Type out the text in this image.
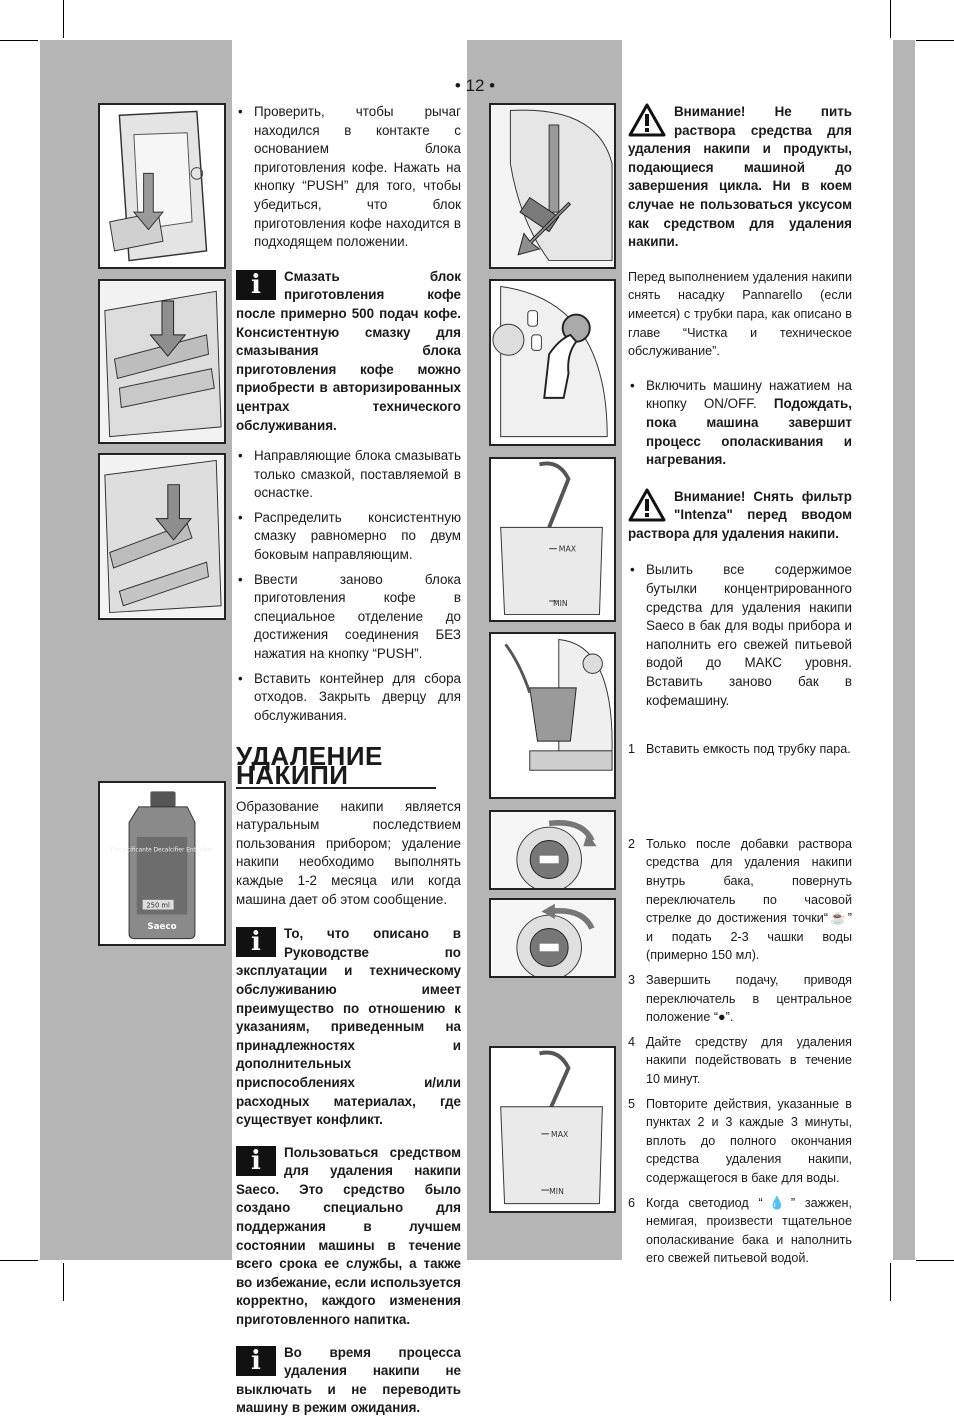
• 12 •
Decalcificante Decalcifier Entkalker
250 ml
Saeco

• Проверить, чтобы рычаг находился в контакте с основанием блока приготовления кофе. Нажать на кнопку “PUSH” для того, чтобы убедиться, что блок приготовления кофе находится в подходящем положении.

i	Смазать блок приготовления кофе после примерно 500 подач кофе. Консистентную смазку для смазывания блока приготовления кофе можно приобрести в авторизированных центрах технического обслуживания.

• Направляющие блока смазывать только смазкой, поставляемой в оснастке.

• Распределить консистентную смазку равномерно по двум боковым направляющим.

• Ввести заново блока приготовления кофе в специальное отделение до достижения соединения БЕЗ нажатия на кнопку “PUSH”.

• Вставить контейнер для сбора отходов. Закрыть дверцу для обслуживания.

УДАЛЕНИЕ НАКИПИ

Образование накипи является натуральным последствием пользования прибором; удаление накипи необходимо выполнять каждые 1-2 месяца или когда машина дает об этом сообщение.

i	То, что описано в Руководстве по эксплуатации и техническому обслуживанию имеет преимущество по отношению к указаниям, приведенным на принадлежностях и дополнительных приспособлениях и/или расходных материалах, где существует конфликт.
i	Пользоваться средством для удаления накипи Saeco. Это средство было создано специально для поддержания в лучшем состоянии машины в течение всего срока ее службы, а также во избежание, если используется корректно, каждого изменения приготовленного напитка.
i	Во время процесса удаления накипи не выключать и не переводить машину в режим ожидания.
MAX
MIN
MAX
MIN
Внимание! Не пить раствора средства для удаления накипи и продукты, подающиеся машиной до завершения цикла. Ни в коем случае не пользоваться уксусом как средством для удаления накипи.

Перед выполнением удаления накипи снять насадку Pannarello (если имеется) с трубки пара, как описано в главе “Чистка и техническое обслуживание”.

• Включить машину нажатием на кнопку ON/OFF. Подождать, пока машина завершит процесс ополаскивания и нагревания.

Внимание! Снять фильтр "Intenza" перед вводом раствора для удаления накипи.

• Вылить все содержимое бутылки концентрированного средства для удаления накипи Saeco в бак для воды прибора и наполнить его свежей питьевой водой до МАКС уровня. Вставить заново бак в кофемашину.

1 Вставить емкость под трубку пара.
2 Только после добавки раствора средства для удаления накипи внутрь бака, повернуть переключатель по часовой стрелке до достижения точки“☕” и подать 2-3 чашки воды (примерно 150 мл).
3 Завершить подачу, приводя переключатель в центральное положение “●”.
4 Дайте средству для удаления накипи подействовать в течение 10 минут.
5 Повторите действия, указанные в пунктах 2 и 3 каждые 3 минуты, вплоть до полного окончания средства удаления накипи, содержащегося в баке для воды.
6 Когда светодиод “💧” зажжен, немигая, произвести тщательное ополаскивание бака и наполнить его свежей питьевой водой.
